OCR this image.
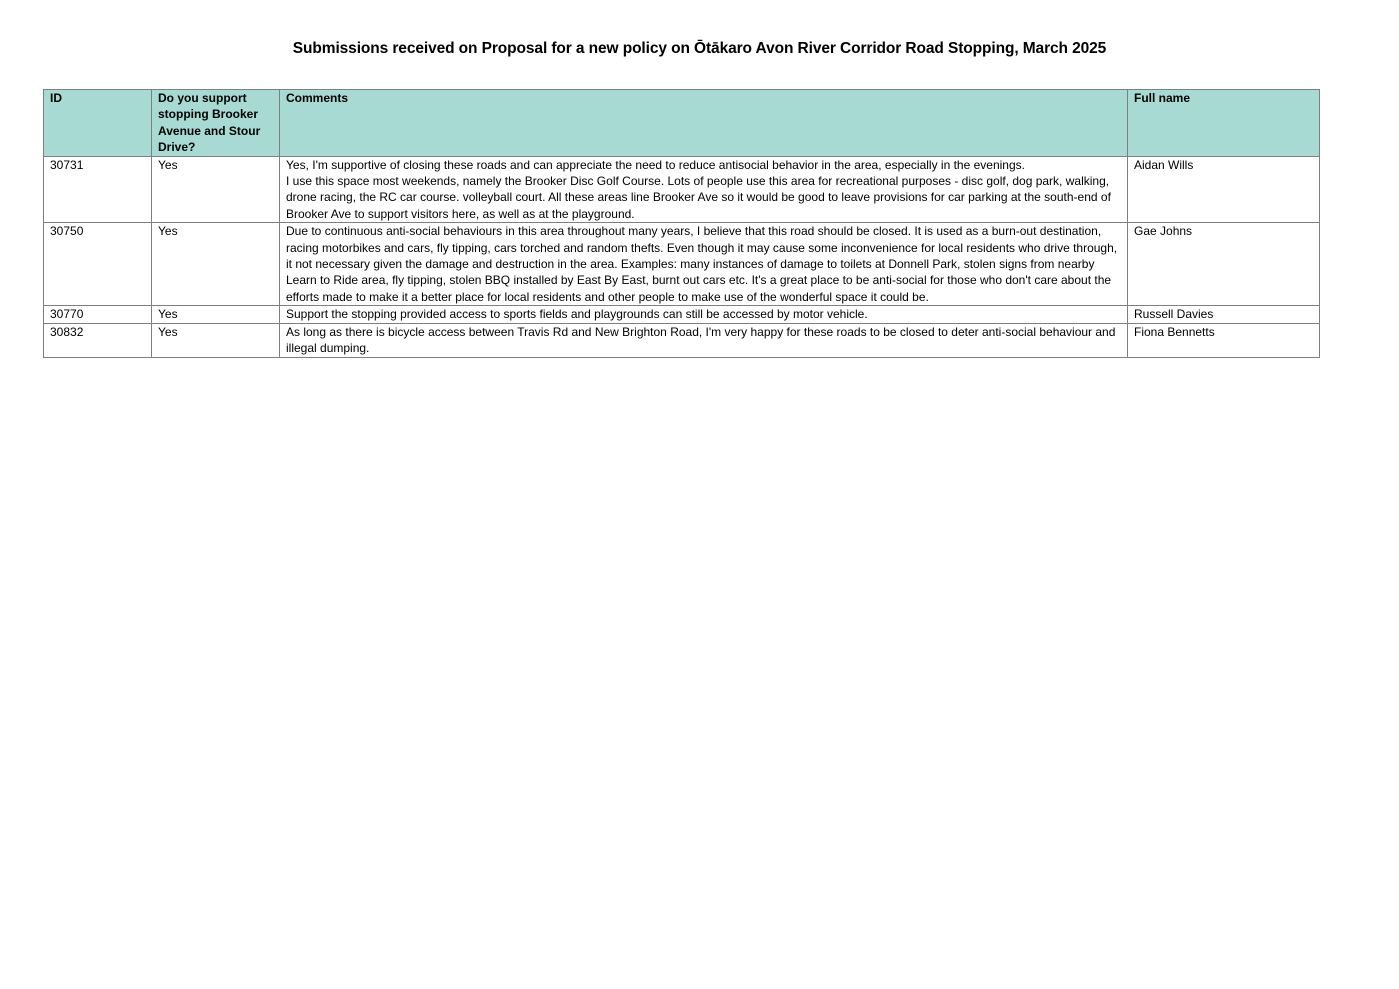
Submissions received on Proposal for a new policy on Ōtākaro Avon River Corridor Road Stopping, March 2025
ID	Do you support stopping Brooker Avenue and Stour Drive?	Comments	Full name
30731	Yes	Yes, I'm supportive of closing these roads and can appreciate the need to reduce antisocial behavior in the area, especially in the evenings.
I use this space most weekends, namely the Brooker Disc Golf Course. Lots of people use this area for recreational purposes - disc golf, dog park, walking, drone racing, the RC car course. volleyball court. All these areas line Brooker Ave so it would be good to leave provisions for car parking at the south-end of Brooker Ave to support visitors here, as well as at the playground.	Aidan Wills
30750	Yes	Due to continuous anti-social behaviours in this area throughout many years, I believe that this road should be closed. It is used as a burn-out destination, racing motorbikes and cars, fly tipping, cars torched and random thefts. Even though it may cause some inconvenience for local residents who drive through, it not necessary given the damage and destruction in the area. Examples: many instances of damage to toilets at Donnell Park, stolen signs from nearby Learn to Ride area, fly tipping, stolen BBQ installed by East By East, burnt out cars etc. It's a great place to be anti-social for those who don't care about the efforts made to make it a better place for local residents and other people to make use of the wonderful space it could be.	Gae Johns
30770	Yes	Support the stopping provided access to sports fields and playgrounds can still be accessed by motor vehicle.	Russell Davies
30832	Yes	As long as there is bicycle access between Travis Rd and New Brighton Road, I'm very happy for these roads to be closed to deter anti-social behaviour and illegal dumping.	Fiona Bennetts
